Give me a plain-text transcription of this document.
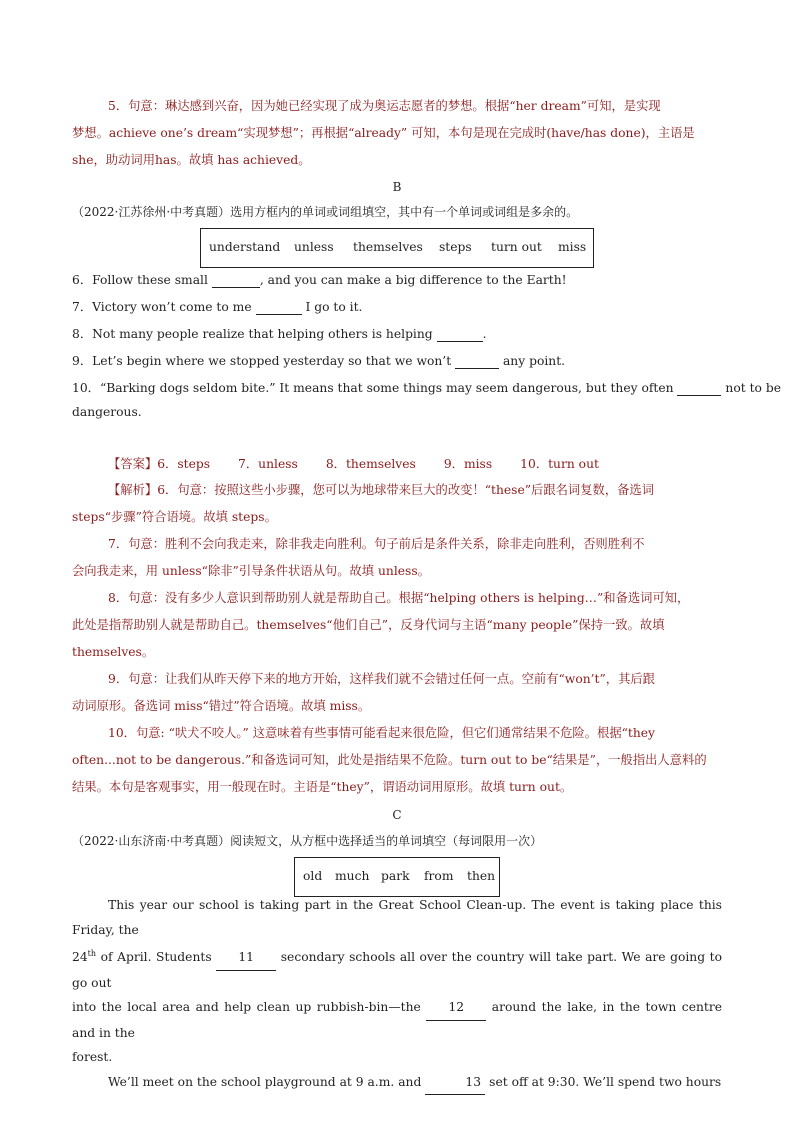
5．句意：琳达感到兴奋，因为她已经实现了成为奥运志愿者的梦想。根据“her dream”可知，是实现
梦想。achieve one’s dream“实现梦想”；再根据“already” 可知，本句是现在完成时(have/has done)，主语是
she，助动词用has。故填 has achieved。
B
（2022·江苏徐州·中考真题）选用方框内的单词或词组填空，其中有一个单词或词组是多余的。
understand unless themselves steps turn out miss
6．Follow these small	, and you can make a big difference to the Earth!
7．Victory won’t come to me	I go to it.
8．Not many people realize that helping others is helping	.
9．Let’s begin where we stopped yesterday so that we won’t	any point.
10．“Barking dogs seldom bite.” It means that some things may seem dangerous, but they often	not to be
dangerous.
【答案】6．steps 7．unless 8．themselves 9．miss 10．turn out
【解析】6．句意：按照这些小步骤，您可以为地球带来巨大的改变！“these”后跟名词复数，备选词
steps“步骤”符合语境。故填 steps。
7．句意：胜利不会向我走来，除非我走向胜利。句子前后是条件关系，除非走向胜利，否则胜利不
会向我走来，用 unless“除非”引导条件状语从句。故填 unless。
8．句意：没有多少人意识到帮助别人就是帮助自己。根据“helping others is helping…”和备选词可知，
此处是指帮助别人就是帮助自己。themselves“他们自己”，反身代词与主语“many people”保持一致。故填
themselves。
9．句意：让我们从昨天停下来的地方开始，这样我们就不会错过任何一点。空前有“won’t”，其后跟
动词原形。备选词 miss“错过”符合语境。故填 miss。
10．句意: “吠犬不咬人。” 这意味着有些事情可能看起来很危险，但它们通常结果不危险。根据“they
often...not to be dangerous.”和备选词可知，此处是指结果不危险。turn out to be“结果是”，一般指出人意料的
结果。本句是客观事实，用一般现在时。主语是“they”，谓语动词用原形。故填 turn out。
C
（2022·山东济南·中考真题）阅读短文，从方框中选择适当的单词填空（每词限用一次）
old much park from then
This year our school is taking part in the Great School Clean-up. The event is taking place this Friday, the
24th of April. Students 11 secondary schools all over the country will take part. We are going to go out
into the local area and help clean up rubbish-bin—the 12 around the lake, in the town centre and in the
forest.
We’ll meet on the school playground at 9 a.m. and	13 set off at 9:30. We’ll spend two hours
